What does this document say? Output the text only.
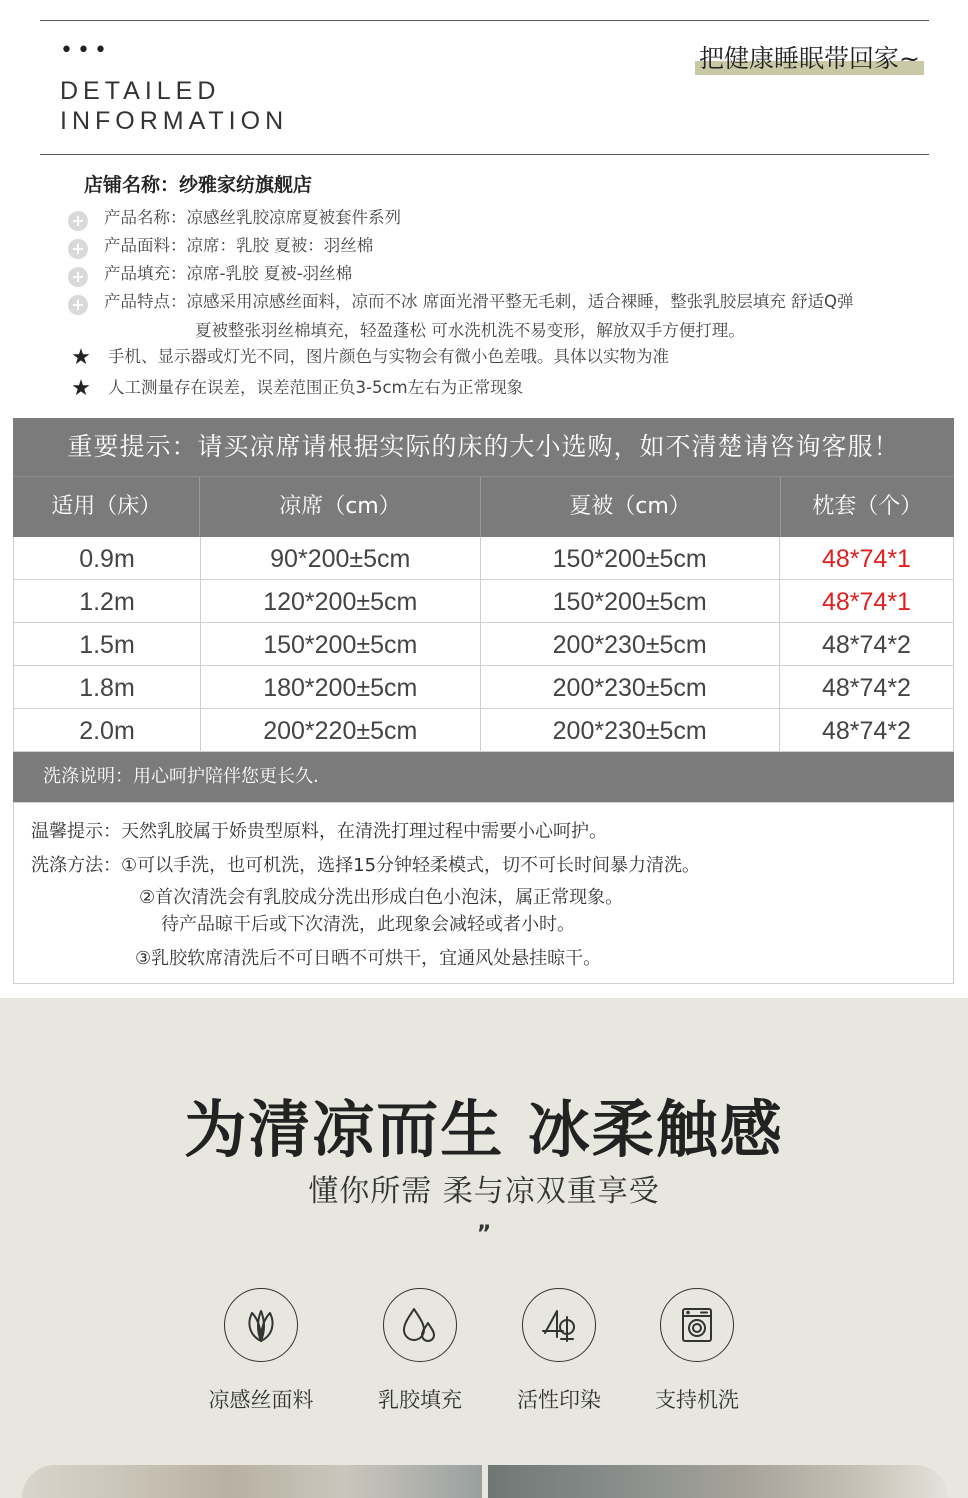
•••
DETAILED
INFORMATION
把健康睡眠带回家~
店铺名称：纱雅家纺旗舰店
+ 产品名称：凉感丝乳胶凉席夏被套件系列
+ 产品面料：凉席：乳胶 夏被：羽丝棉
+ 产品填充：凉席-乳胶 夏被-羽丝棉
+ 产品特点：凉感采用凉感丝面料，凉而不冰 席面光滑平整无毛刺，适合裸睡，整张乳胶层填充 舒适Q弹
夏被整张羽丝棉填充，轻盈蓬松 可水洗机洗不易变形，解放双手方便打理。
★ 手机、显示器或灯光不同，图片颜色与实物会有微小色差哦。具体以实物为准
★ 人工测量存在误差，误差范围正负3-5cm左右为正常现象
重要提示：请买凉席请根据实际的床的大小选购，如不清楚请咨询客服！
适用（床）	凉席（cm）	夏被（cm）	枕套（个）
0.9m	90*200±5cm	150*200±5cm	48*74*1
1.2m	120*200±5cm	150*200±5cm	48*74*1
1.5m	150*200±5cm	200*230±5cm	48*74*2
1.8m	180*200±5cm	200*230±5cm	48*74*2
2.0m	200*220±5cm	200*230±5cm	48*74*2
洗涤说明：用心呵护陪伴您更长久.
温馨提示：天然乳胶属于娇贵型原料，在清洗打理过程中需要小心呵护。
洗涤方法：①可以手洗，也可机洗，选择15分钟轻柔模式，切不可长时间暴力清洗。
②首次清洗会有乳胶成分洗出形成白色小泡沫，属正常现象。
待产品晾干后或下次清洗，此现象会减轻或者小时。
③乳胶软席清洗后不可日晒不可烘干，宜通风处悬挂晾干。
为清凉而生 冰柔触感
懂你所需 柔与凉双重享受
”
凉感丝面料	乳胶填充	活性印染	支持机洗
